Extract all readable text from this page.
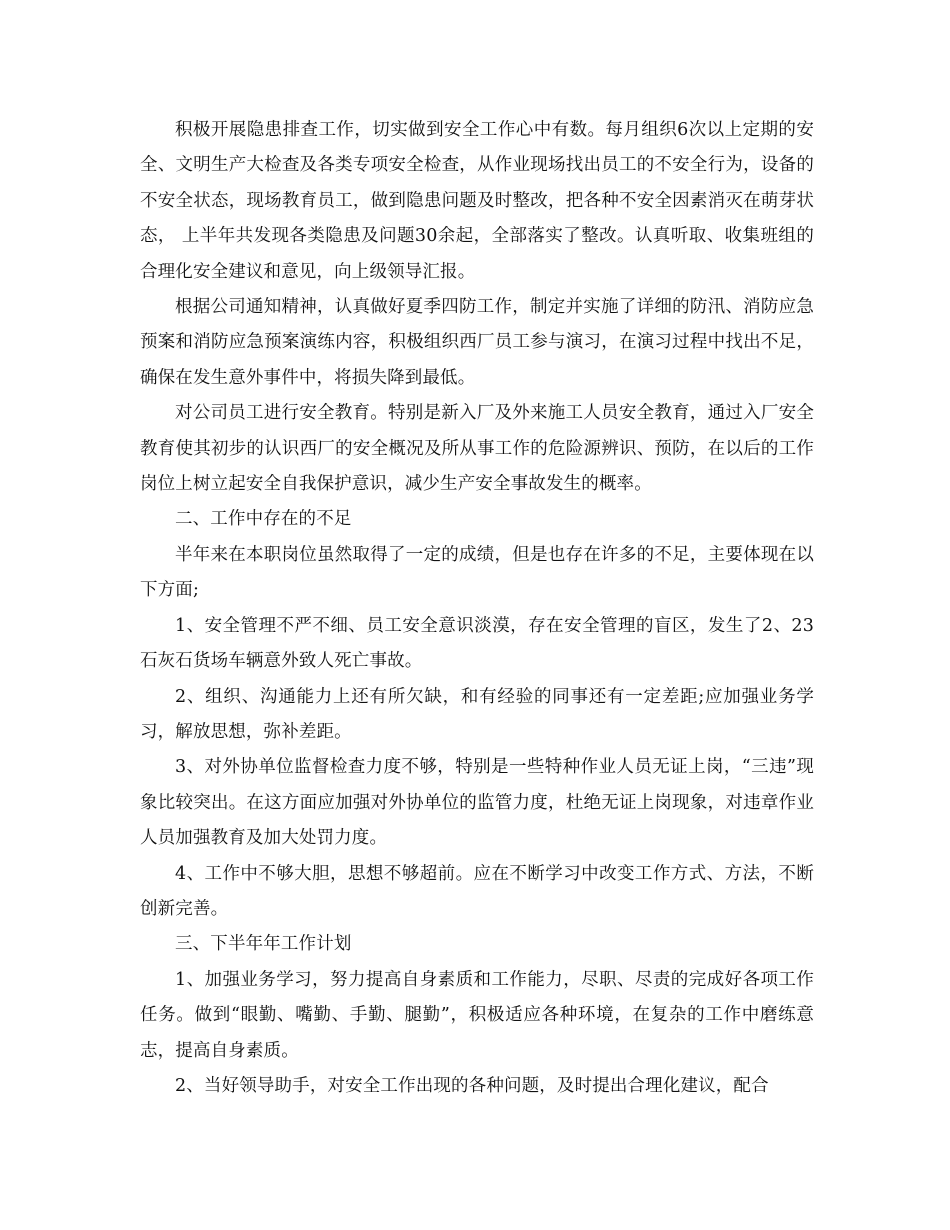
积极开展隐患排查工作，切实做到安全工作心中有数。每月组织6次以上定期的安全、文明生产大检查及各类专项安全检查，从作业现场找出员工的不安全行为，设备的不安全状态，现场教育员工，做到隐患问题及时整改，把各种不安全因素消灭在萌芽状态， 上半年共发现各类隐患及问题30余起，全部落实了整改。认真听取、收集班组的合理化安全建议和意见，向上级领导汇报。

根据公司通知精神，认真做好夏季四防工作，制定并实施了详细的防汛、消防应急预案和消防应急预案演练内容，积极组织西厂员工参与演习，在演习过程中找出不足，确保在发生意外事件中，将损失降到最低。

对公司员工进行安全教育。特别是新入厂及外来施工人员安全教育，通过入厂安全教育使其初步的认识西厂的安全概况及所从事工作的危险源辨识、预防，在以后的工作岗位上树立起安全自我保护意识，减少生产安全事故发生的概率。

二、工作中存在的不足

半年来在本职岗位虽然取得了一定的成绩，但是也存在许多的不足，主要体现在以下方面;

1、安全管理不严不细、员工安全意识淡漠，存在安全管理的盲区，发生了2、23石灰石货场车辆意外致人死亡事故。

2、组织、沟通能力上还有所欠缺，和有经验的同事还有一定差距;应加强业务学习，解放思想，弥补差距。

3、对外协单位监督检查力度不够，特别是一些特种作业人员无证上岗，“三违”现象比较突出。在这方面应加强对外协单位的监管力度，杜绝无证上岗现象，对违章作业人员加强教育及加大处罚力度。

4、工作中不够大胆，思想不够超前。应在不断学习中改变工作方式、方法，不断创新完善。

三、下半年年工作计划

1、加强业务学习，努力提高自身素质和工作能力，尽职、尽责的完成好各项工作任务。做到“眼勤、嘴勤、手勤、腿勤”，积极适应各种环境，在复杂的工作中磨练意志，提高自身素质。

2、当好领导助手，对安全工作出现的各种问题，及时提出合理化建议，配合
